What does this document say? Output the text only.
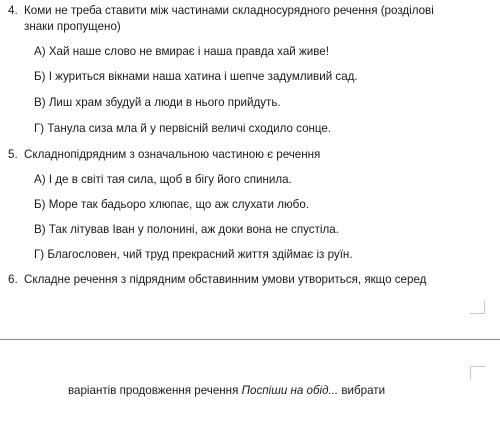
4. Коми не треба ставити між частинами складносурядного речення (розділові
знаки пропущено)
А) Хай наше слово не вмирає і наша правда хай живе!
Б) І журиться вікнами наша хатина і шепче задумливий сад.
В) Лиш храм збудуй а люди в нього прийдуть.
Г) Танула сиза мла й у первісній величі сходило сонце.
5. Складнопідрядним з означальною частиною є речення
А) І де в світі тая сила, щоб в бігу його спинила.
Б) Море так бадьоро хлюпає, що аж слухати любо.
В) Так літував Іван у полонині, аж доки вона не спустіла.
Г) Благословен, чий труд прекрасний життя здіймає із руїн.
6. Складне речення з підрядним обставинним умови утвориться, якщо серед
варіантів продовження речення Поспіши на обід... вибрати
